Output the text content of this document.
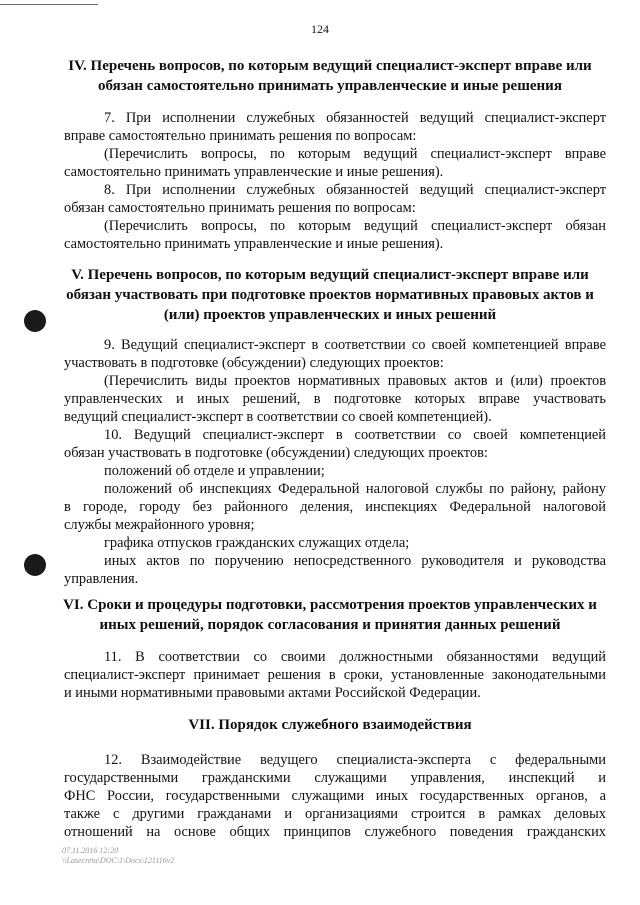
124
IV. Перечень вопросов, по которым ведущий специалист-эксперт вправе или
обязан самостоятельно принимать управленческие и иные решения
7. При исполнении служебных обязанностей ведущий специалист-эксперт
вправе самостоятельно принимать решения по вопросам:
(Перечислить вопросы, по которым ведущий специалист-эксперт вправе
самостоятельно принимать управленческие и иные решения).
8. При исполнении служебных обязанностей ведущий специалист-эксперт
обязан самостоятельно принимать решения по вопросам:
(Перечислить вопросы, по которым ведущий специалист-эксперт обязан
самостоятельно принимать управленческие и иные решения).
V. Перечень вопросов, по которым ведущий специалист-эксперт вправе или
обязан участвовать при подготовке проектов нормативных правовых актов и
(или) проектов управленческих и иных решений
9. Ведущий специалист-эксперт в соответствии со своей компетенцией вправе
участвовать в подготовке (обсуждении) следующих проектов:
(Перечислить виды проектов нормативных правовых актов и (или) проектов
управленческих и иных решений, в подготовке которых вправе участвовать
ведущий специалист-эксперт в соответствии со своей компетенцией).
10. Ведущий специалист-эксперт в соответствии со своей компетенцией
обязан участвовать в подготовке (обсуждении) следующих проектов:
положений об отделе и управлении;
положений об инспекциях Федеральной налоговой службы по району, району
в городе, городу без районного деления, инспекциях Федеральной налоговой
службы межрайонного уровня;
графика отпусков гражданских служащих отдела;
иных актов по поручению непосредственного руководителя и руководства
управления.
VI. Сроки и процедуры подготовки, рассмотрения проектов управленческих и
иных решений, порядок согласования и принятия данных решений
11. В соответствии со своими должностными обязанностями ведущий
специалист-эксперт принимает решения в сроки, установленные законодательными
и иными нормативными правовыми актами Российской Федерации.
VII. Порядок служебного взаимодействия
12. Взаимодействие ведущего специалиста-эксперта с федеральными
государственными гражданскими служащими управления, инспекций и
ФНС России, государственными служащими иных государственных органов, а
также с другими гражданами и организациями строится в рамках деловых
отношений на основе общих принципов служебного поведения гражданских
07.11.2016 12:20
\\Lasecreta\DOC\1\Docs\121116v2
